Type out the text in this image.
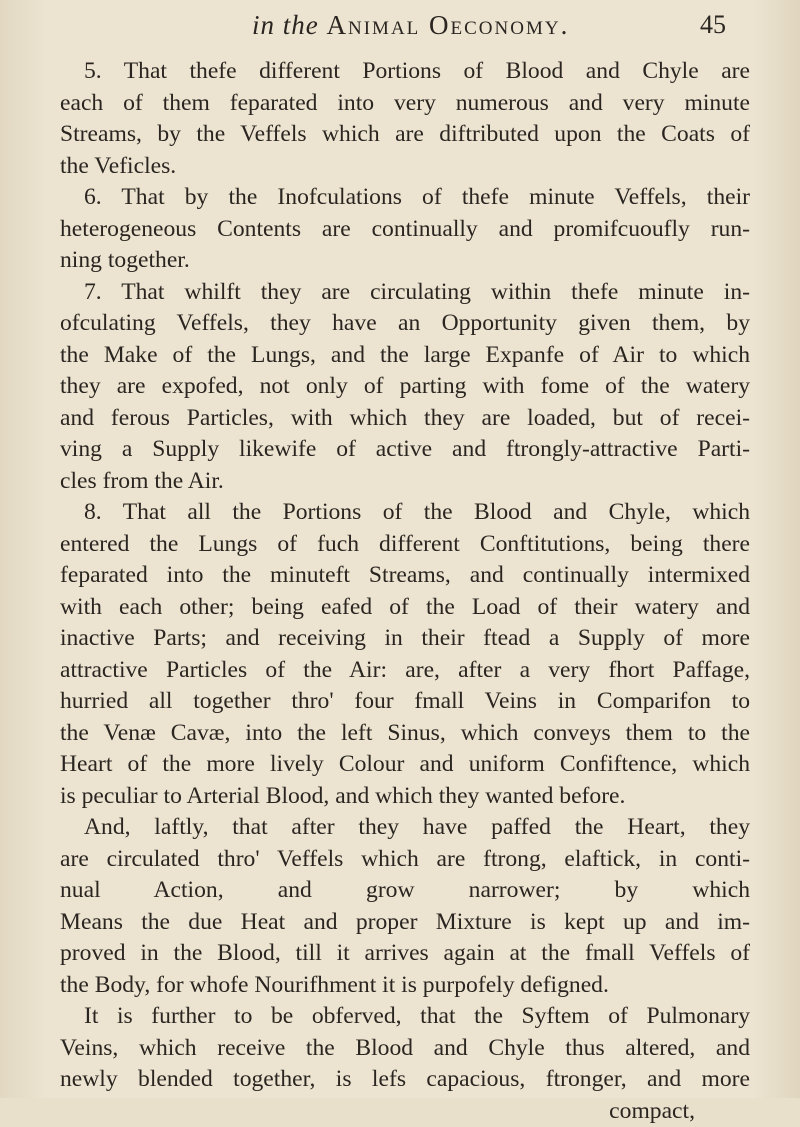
in the Animal Oeconomy.	45
5. That thefe different Portions of Blood and Chyle are
each of them feparated into very numerous and very minute
Streams, by the Veffels which are diftributed upon the Coats of
the Veficles.
6. That by the Inofculations of thefe minute Veffels, their
heterogeneous Contents are continually and promifcuoufly run-
ning together.
7. That whilft they are circulating within thefe minute in-
ofculating Veffels, they have an Opportunity given them, by
the Make of the Lungs, and the large Expanfe of Air to which
they are expofed, not only of parting with fome of the watery
and ferous Particles, with which they are loaded, but of recei-
ving a Supply likewife of active and ftrongly-attractive Parti-
cles from the Air.
8. That all the Portions of the Blood and Chyle, which
entered the Lungs of fuch different Conftitutions, being there
feparated into the minuteft Streams, and continually intermixed
with each other; being eafed of the Load of their watery and
inactive Parts; and receiving in their ftead a Supply of more
attractive Particles of the Air: are, after a very fhort Paffage,
hurried all together thro' four fmall Veins in Comparifon to
the Venæ Cavæ, into the left Sinus, which conveys them to the
Heart of the more lively Colour and uniform Confiftence, which
is peculiar to Arterial Blood, and which they wanted before.
And, laftly, that after they have paffed the Heart, they
are circulated thro' Veffels which are ftrong, elaftick, in conti-
nual Action, and grow narrower; by which
Means the due Heat and proper Mixture is kept up and im-
proved in the Blood, till it arrives again at the fmall Veffels of
the Body, for whofe Nourifhment it is purpofely defigned.
It is further to be obferved, that the Syftem of Pulmonary
Veins, which receive the Blood and Chyle thus altered, and
newly blended together, is lefs capacious, ftronger, and more
compact,
